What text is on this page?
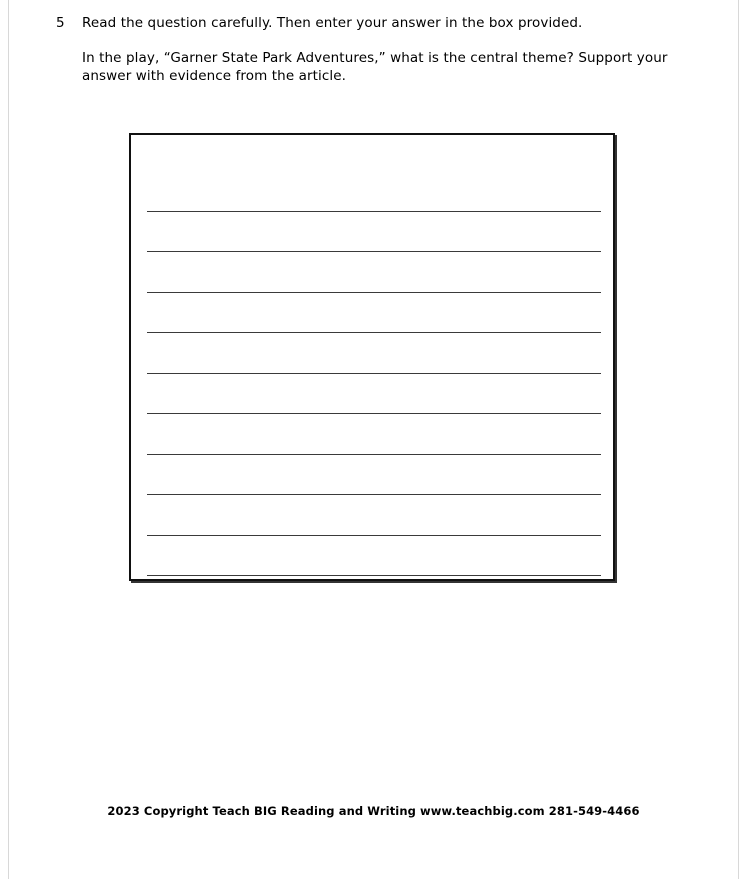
5	Read the question carefully. Then enter your answer in the box provided.
In the play, “Garner State Park Adventures,” what is the central theme? Support your answer with evidence from the article.
2023 Copyright Teach BIG Reading and Writing www.teachbig.com 281-549-4466
